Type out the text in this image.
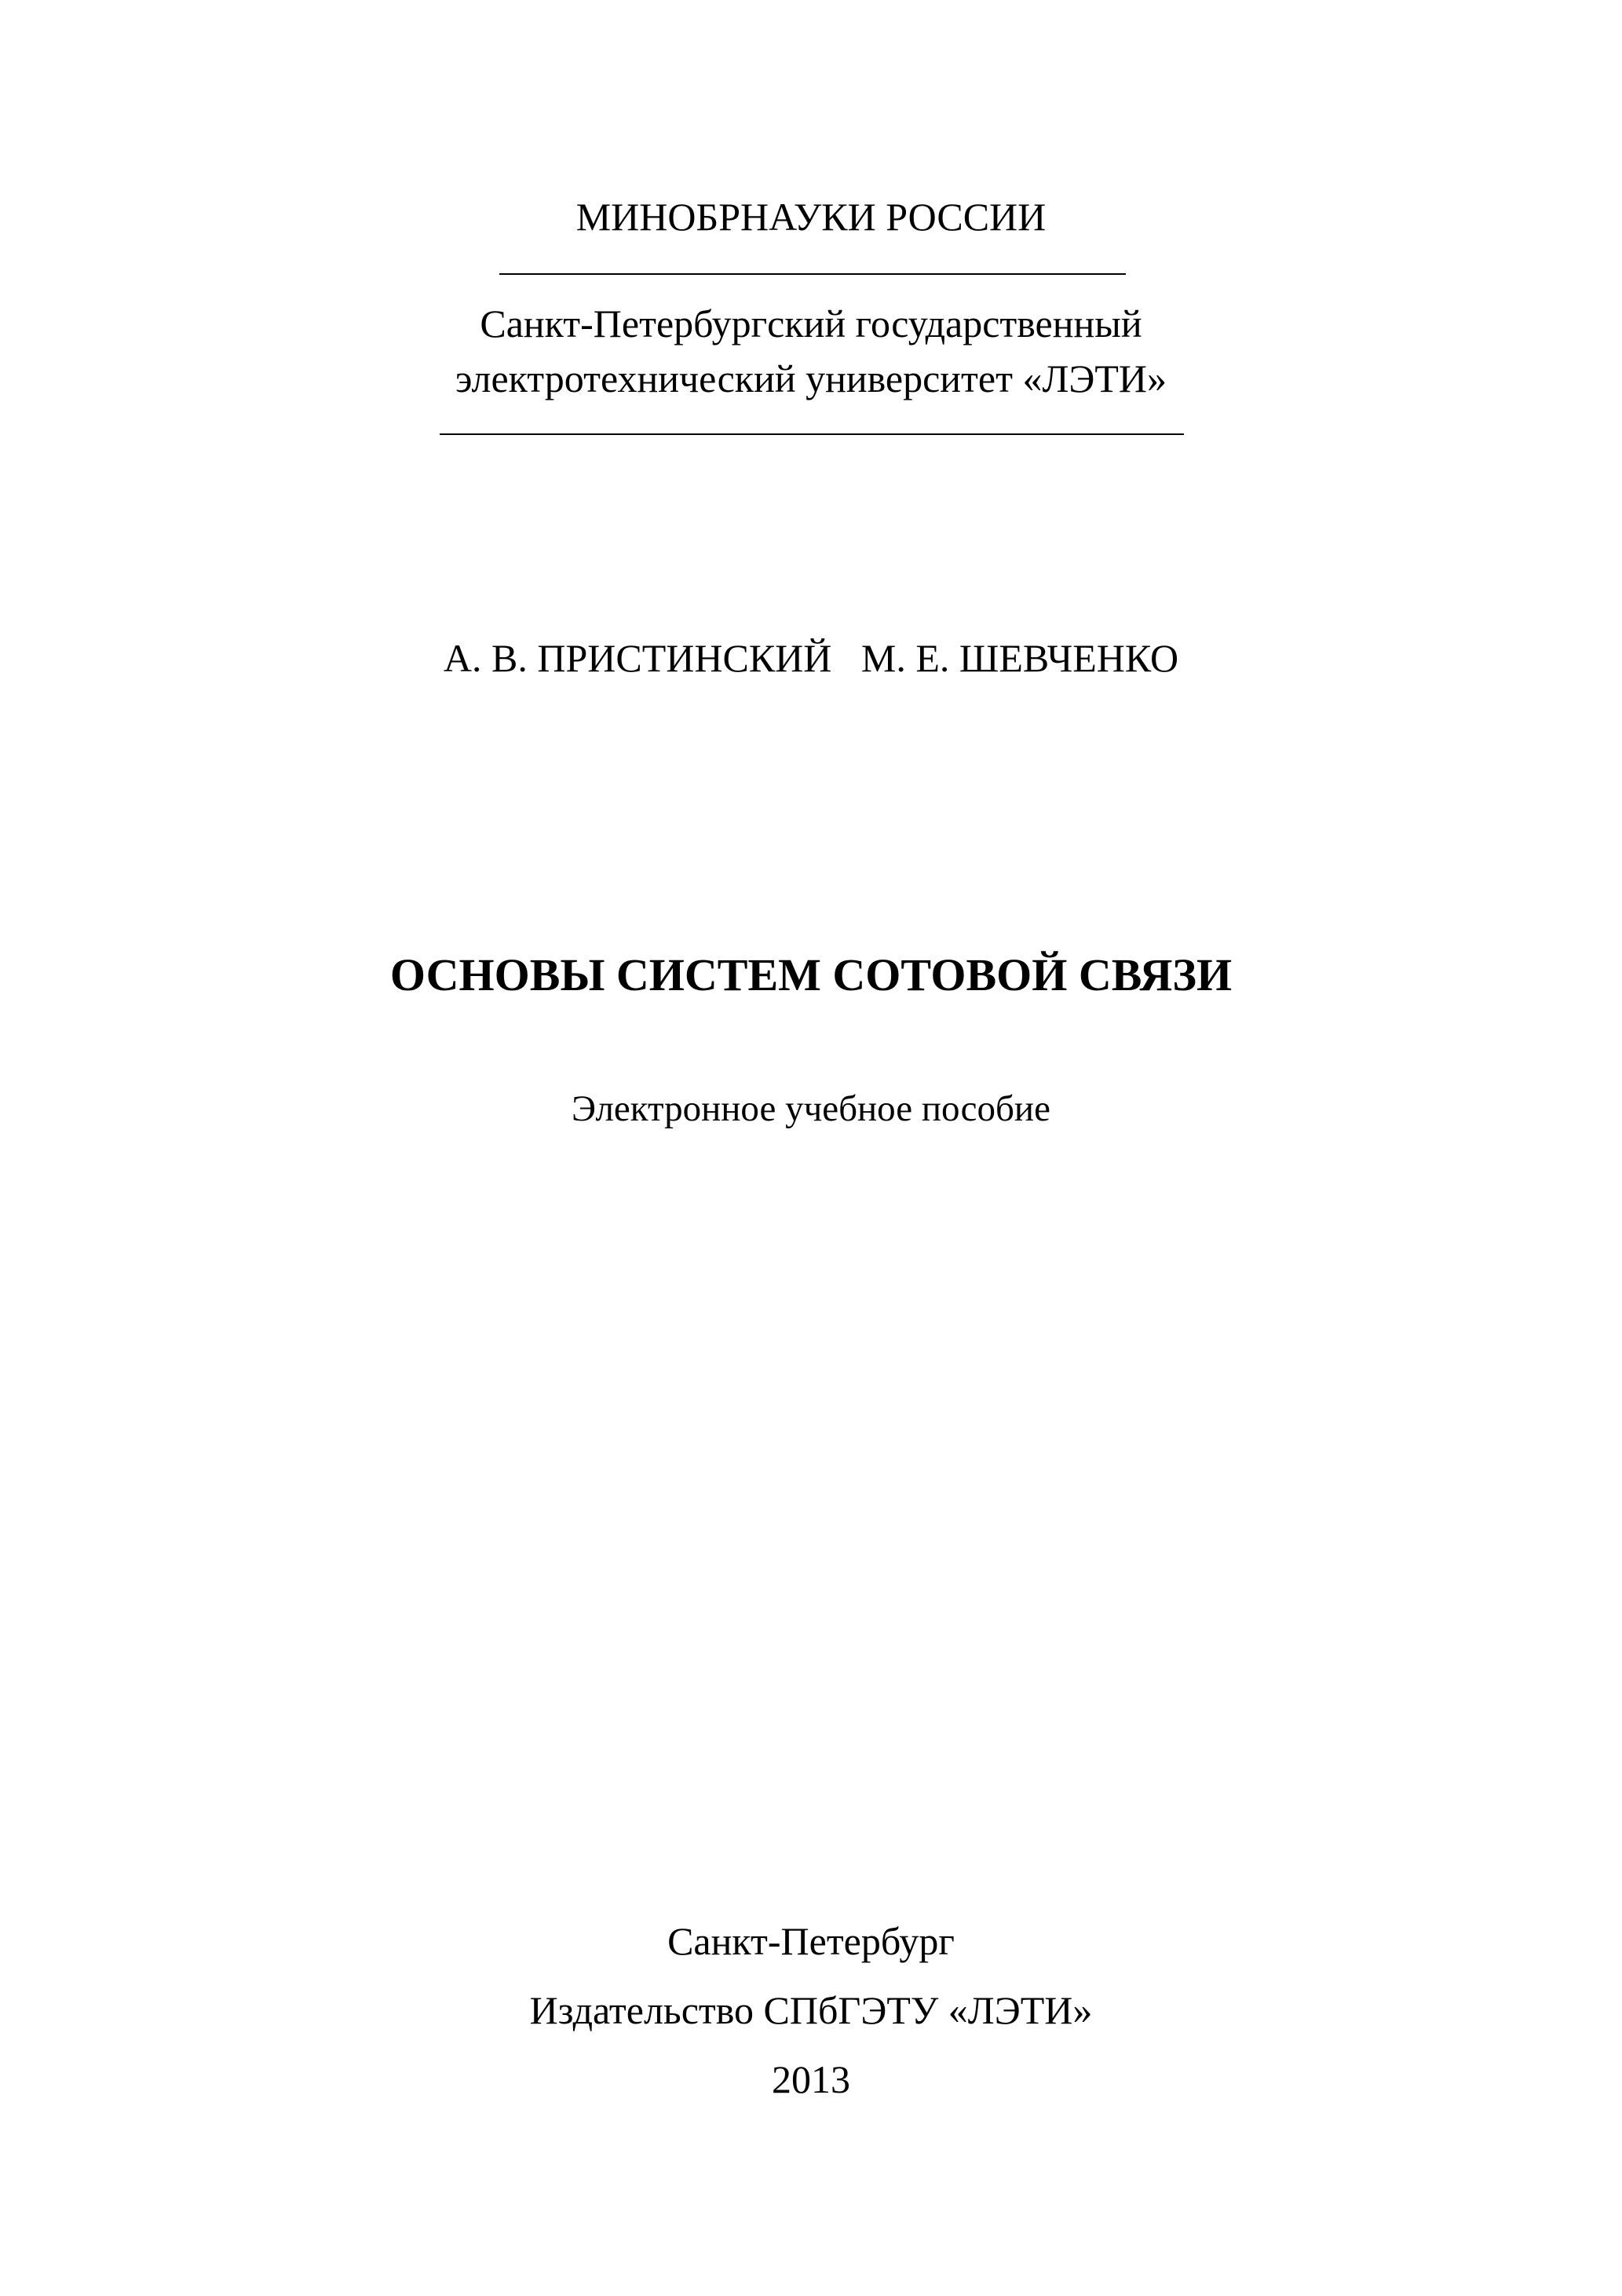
МИНОБРНАУКИ РОССИИ
Санкт-Петербургский государственный
электротехнический университет «ЛЭТИ»
А. В. ПРИСТИНСКИЙ   М. Е. ШЕВЧЕНКО
ОСНОВЫ СИСТЕМ СОТОВОЙ СВЯЗИ
Электронное учебное пособие
Санкт-Петербург
Издательство СПбГЭТУ «ЛЭТИ»
2013
